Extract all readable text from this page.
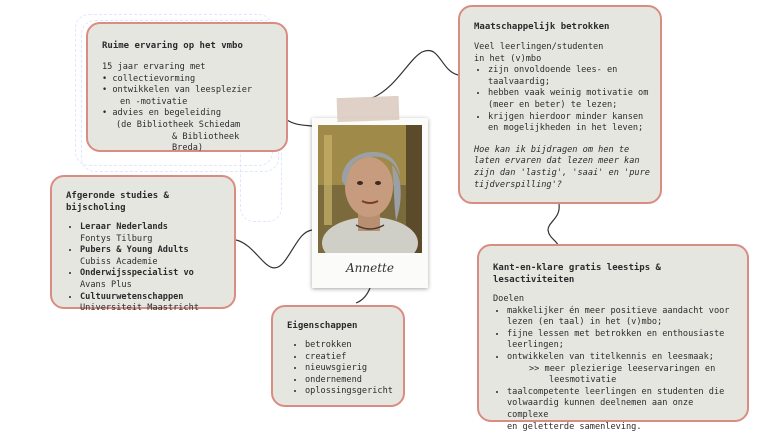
Ruime ervaring op het vmbo
15 jaar ervaring met
• collectievorming
• ontwikkelen van leesplezier
en -motivatie
• advies en begeleiding
(de Bibliotheek Schiedam
& Bibliotheek Breda)
Afgeronde studies & bijscholing
• Leraar Nederlands
Fontys Tilburg
• Pubers & Young Adults
Cubiss Academie
• Onderwijsspecialist vo
Avans Plus
• Cultuurwetenschappen
Universiteit Maastricht
Eigenschappen
• betrokken
• creatief
• nieuwsgierig
• ondernemend
• oplossingsgericht
Maatschappelijk betrokken
Veel leerlingen/studenten
in het (v)mbo
• zijn onvoldoende lees- en
taalvaardig;
• hebben vaak weinig motivatie om
(meer en beter) te lezen;
• krijgen hierdoor minder kansen
en mogelijkheden in het leven;
Hoe kan ik bijdragen om hen te
laten ervaren dat lezen meer kan
zijn dan 'lastig', 'saai' en 'pure
tijdverspilling'?
Kant-en-klare gratis leestips & lesactiviteiten
Doelen
• makkelijker én meer positieve aandacht voor
lezen (en taal) in het (v)mbo;
• fijne lessen met betrokken en enthousiaste
leerlingen;
• ontwikkelen van titelkennis en leesmaak;
>> meer plezierige leeservaringen en
leesmotivatie
• taalcompetente leerlingen en studenten die
volwaardig kunnen deelnemen aan onze complexe
en geletterde samenleving.
Annette
